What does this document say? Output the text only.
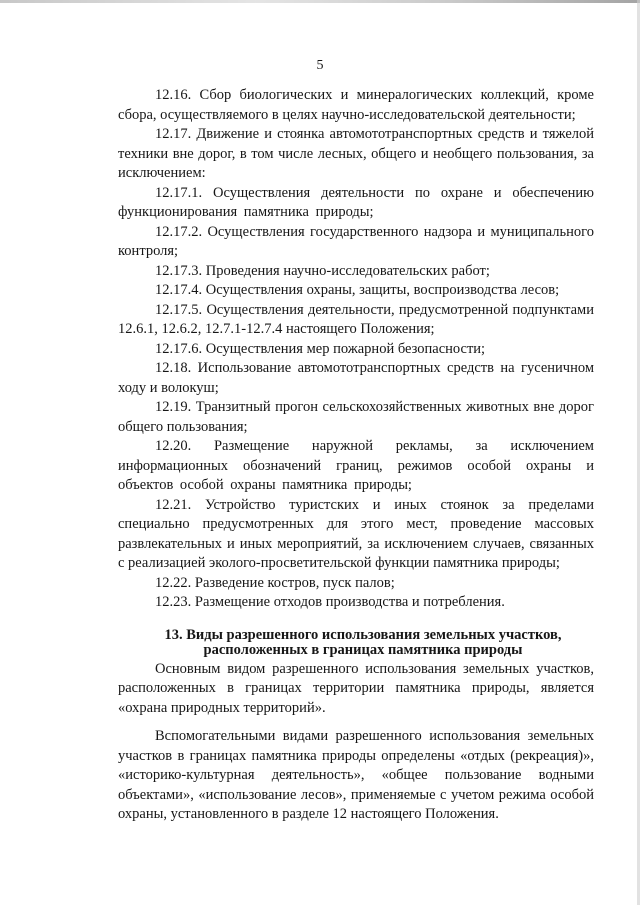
5

12.16. Сбор биологических и минералогических коллекций, кроме сбора, осуществляемого в целях научно-исследовательской деятельности;

12.17. Движение и стоянка автомототранспортных средств и тяжелой техники вне дорог, в том числе лесных, общего и необщего пользования, за исключением:

12.17.1. Осуществления деятельности по охране и обеспечению функционирования памятника природы;

12.17.2. Осуществления государственного надзора и муниципального контроля;

12.17.3. Проведения научно-исследовательских работ;

12.17.4. Осуществления охраны, защиты, воспроизводства лесов;

12.17.5. Осуществления деятельности, предусмотренной подпунктами 12.6.1, 12.6.2, 12.7.1-12.7.4 настоящего Положения;

12.17.6. Осуществления мер пожарной безопасности;

12.18. Использование автомототранспортных средств на гусеничном ходу и волокуш;

12.19. Транзитный прогон сельскохозяйственных животных вне дорог общего пользования;

12.20. Размещение наружной рекламы, за исключением информационных обозначений границ, режимов особой охраны и объектов особой охраны памятника природы;

12.21. Устройство туристских и иных стоянок за пределами специально предусмотренных для этого мест, проведение массовых развлекательных и иных мероприятий, за исключением случаев, связанных с реализацией эколого-просветительской функции памятника природы;

12.22. Разведение костров, пуск палов;

12.23. Размещение отходов производства и потребления.

13. Виды разрешенного использования земельных участков,
расположенных в границах памятника природы

Основным видом разрешенного использования земельных участков, расположенных в границах территории памятника природы, является «охрана природных территорий».

Вспомогательными видами разрешенного использования земельных участков в границах памятника природы определены «отдых (рекреация)», «историко-культурная деятельность», «общее пользование водными объектами», «использование лесов», применяемые с учетом режима особой охраны, установленного в разделе 12 настоящего Положения.
